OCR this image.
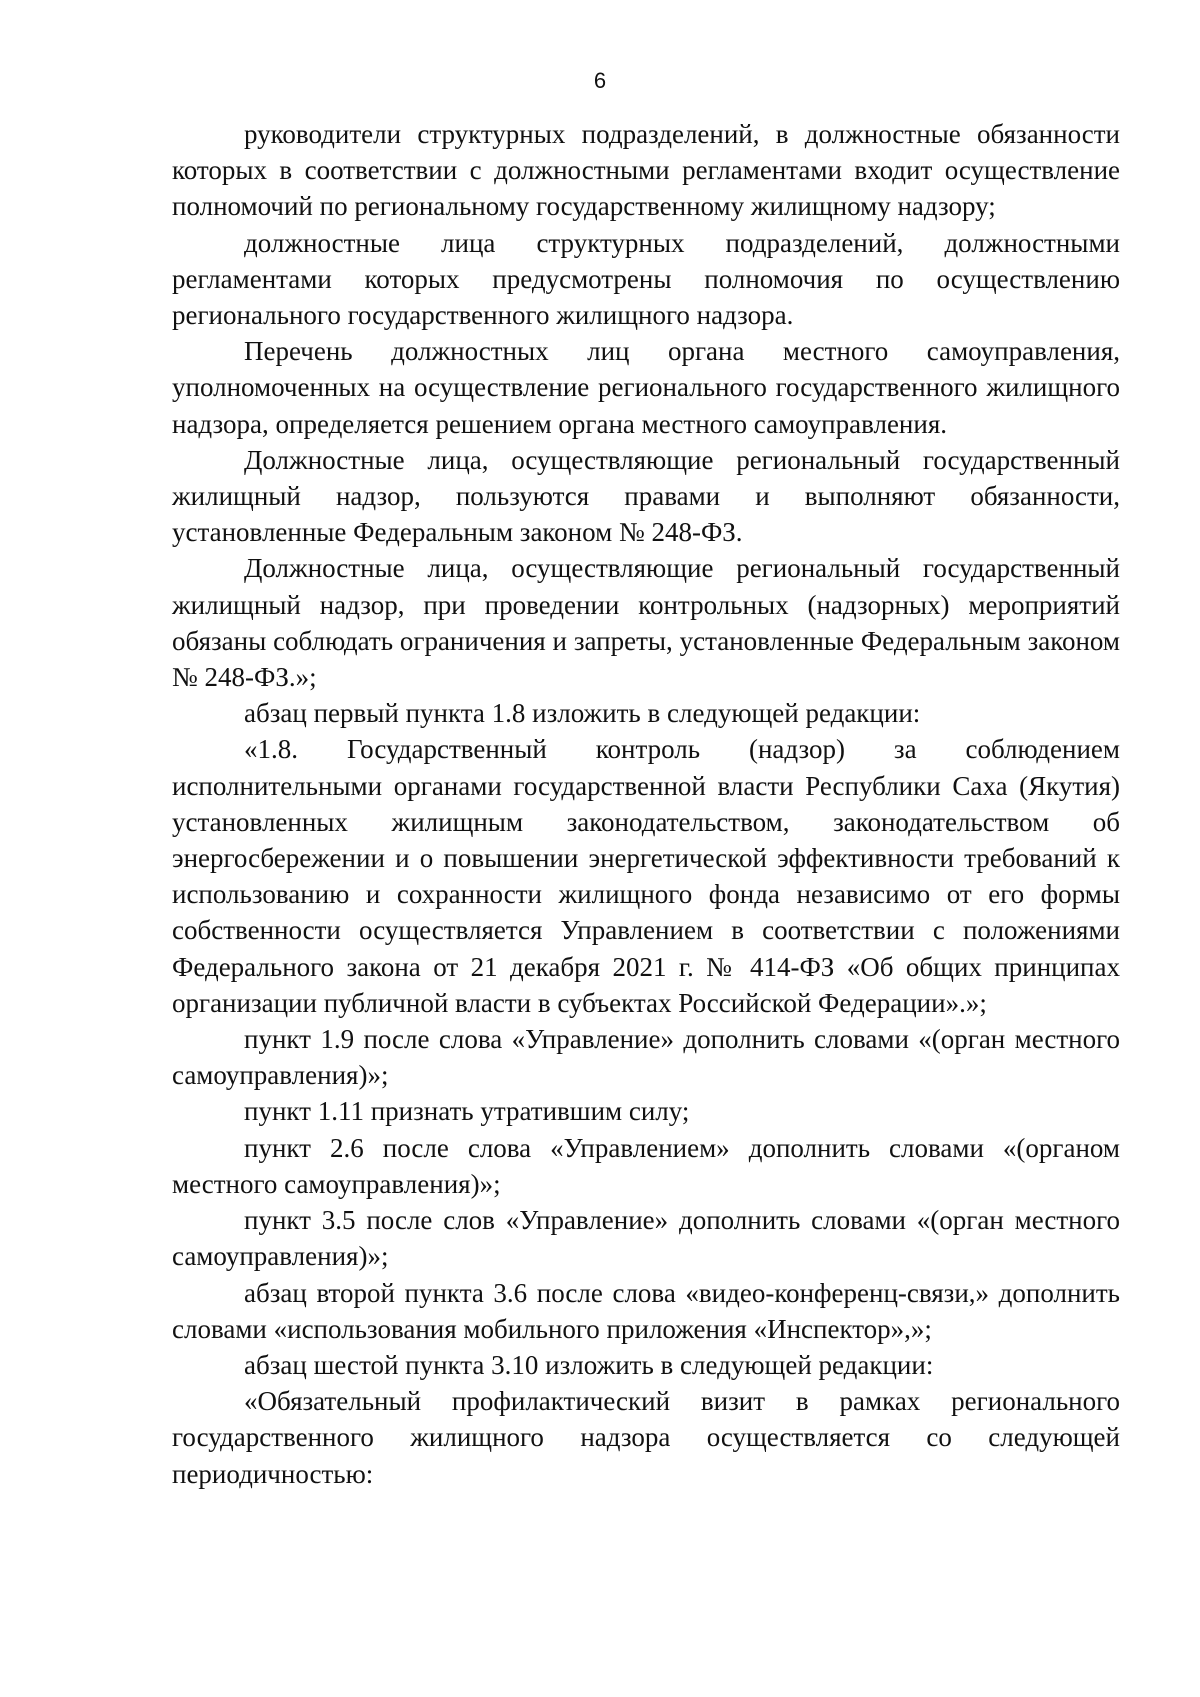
6

руководители структурных подразделений, в должностные обязанности которых в соответствии с должностными регламентами входит осуществление полномочий по региональному государственному жилищному надзору;

должностные лица структурных подразделений, должностными регламентами которых предусмотрены полномочия по осуществлению регионального государственного жилищного надзора.

Перечень должностных лиц органа местного самоуправления, уполномоченных на осуществление регионального государственного жилищного надзора, определяется решением органа местного самоуправления.

Должностные лица, осуществляющие региональный государственный жилищный надзор, пользуются правами и выполняют обязанности, установленные Федеральным законом № 248-ФЗ.

Должностные лица, осуществляющие региональный государственный жилищный надзор, при проведении контрольных (надзорных) мероприятий обязаны соблюдать ограничения и запреты, установленные Федеральным законом № 248-ФЗ.»;

абзац первый пункта 1.8 изложить в следующей редакции:

«1.8. Государственный контроль (надзор) за соблюдением исполнительными органами государственной власти Республики Саха (Якутия) установленных жилищным законодательством, законодательством об энергосбережении и о повышении энергетической эффективности требований к использованию и сохранности жилищного фонда независимо от его формы собственности осуществляется Управлением в соответствии с положениями Федерального закона от 21 декабря 2021 г. № 414-ФЗ «Об общих принципах организации публичной власти в субъектах Российской Федерации».»;

пункт 1.9 после слова «Управление» дополнить словами «(орган местного самоуправления)»;

пункт 1.11 признать утратившим силу;

пункт 2.6 после слова «Управлением» дополнить словами «(органом местного самоуправления)»;

пункт 3.5 после слов «Управление» дополнить словами «(орган местного самоуправления)»;

абзац второй пункта 3.6 после слова «видео-конференц-связи,» дополнить словами «использования мобильного приложения «Инспектор»,»;

абзац шестой пункта 3.10 изложить в следующей редакции:

«Обязательный профилактический визит в рамках регионального государственного жилищного надзора осуществляется со следующей периодичностью:
